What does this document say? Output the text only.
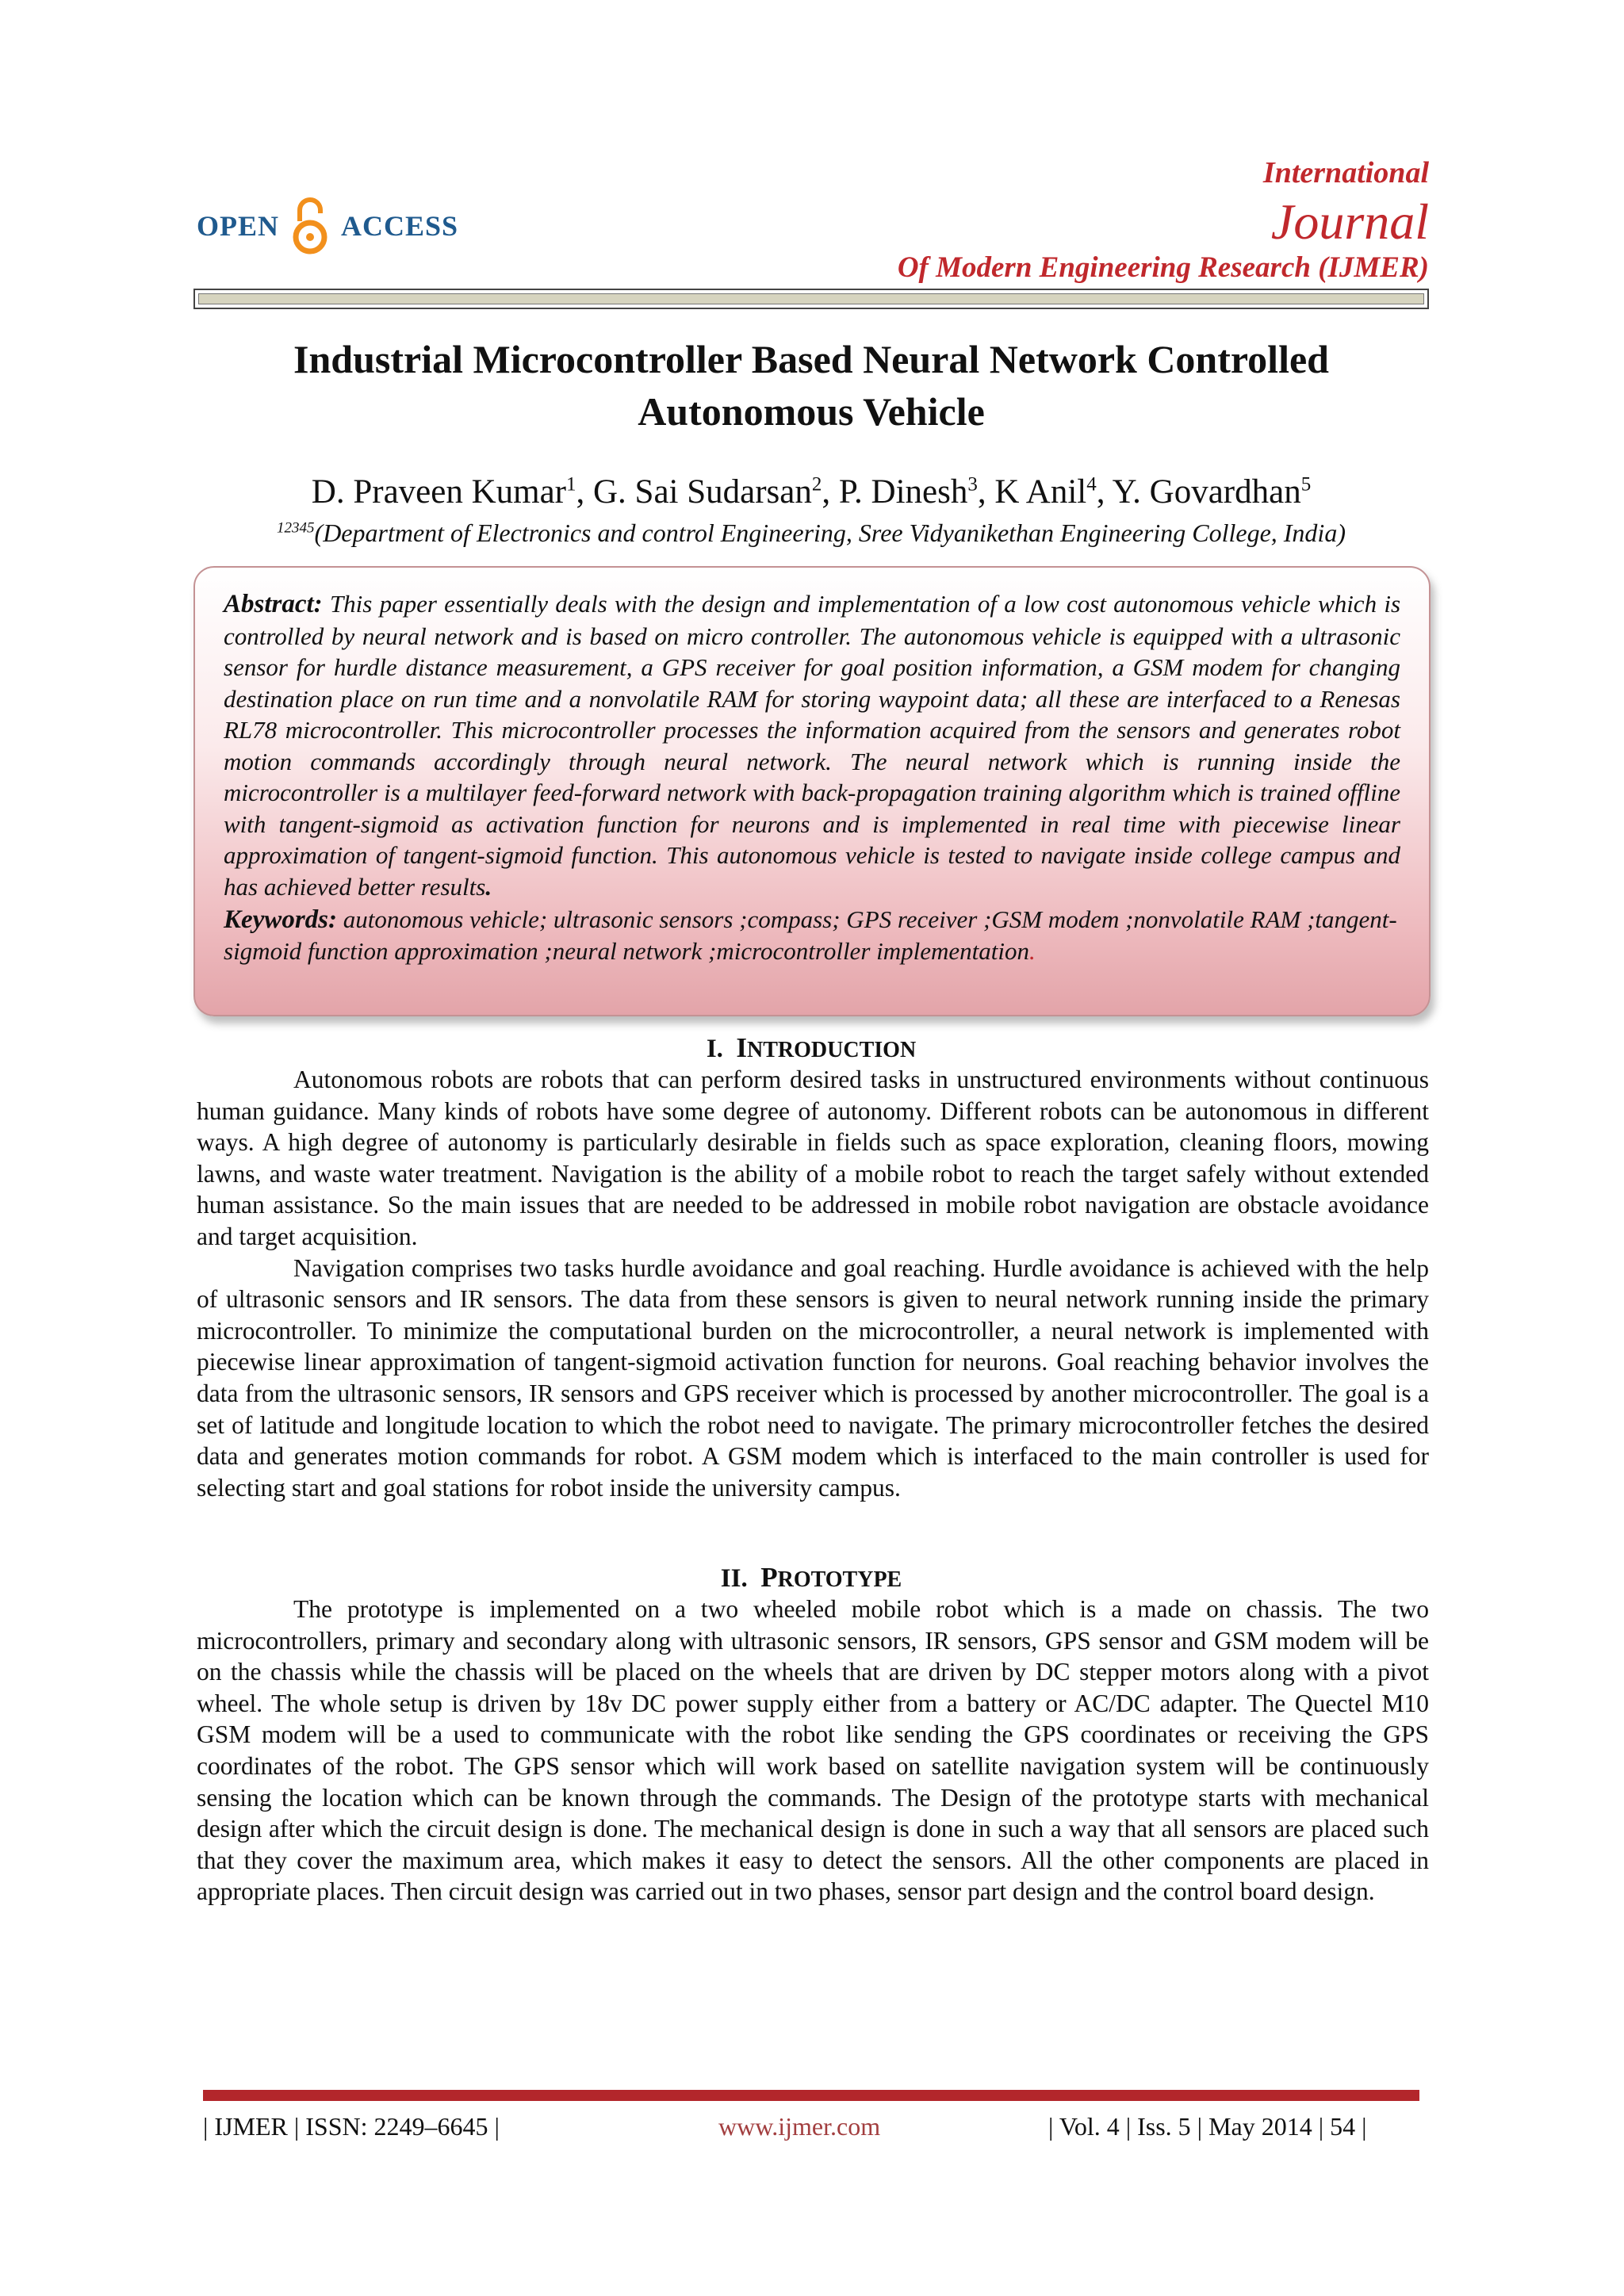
OPEN ACCESS
International
Journal
Of Modern Engineering Research (IJMER)
Industrial Microcontroller Based Neural Network Controlled
Autonomous Vehicle
D. Praveen Kumar$^1$, G. Sai Sudarsan$^2$, P. Dinesh$^3$, K Anil$^4$, Y. Govardhan$^5$
$^{12345}$(Department of Electronics and control Engineering, Sree Vidyanikethan Engineering College, India)
Abstract: This paper essentially deals with the design and implementation of a low cost autonomous vehicle which is controlled by neural network and is based on micro controller. The autonomous vehicle is equipped with a ultrasonic sensor for hurdle distance measurement, a GPS receiver for goal position information, a GSM modem for changing destination place on run time and a nonvolatile RAM for storing waypoint data; all these are interfaced to a Renesas RL78 microcontroller. This microcontroller processes the information acquired from the sensors and generates robot motion commands accordingly through neural network. The neural network which is running inside the microcontroller is a multilayer feed-forward network with back-propagation training algorithm which is trained offline with tangent-sigmoid as activation function for neurons and is implemented in real time with piecewise linear approximation of tangent-sigmoid function. This autonomous vehicle is tested to navigate inside college campus and has achieved better results.
Keywords: autonomous vehicle; ultrasonic sensors ;compass; GPS receiver ;GSM modem ;nonvolatile RAM ;tangent-sigmoid function approximation ;neural network ;microcontroller implementation.
I. INTRODUCTION

Autonomous robots are robots that can perform desired tasks in unstructured environments without continuous human guidance. Many kinds of robots have some degree of autonomy. Different robots can be autonomous in different ways. A high degree of autonomy is particularly desirable in fields such as space exploration, cleaning floors, mowing lawns, and waste water treatment. Navigation is the ability of a mobile robot to reach the target safely without extended human assistance. So the main issues that are needed to be addressed in mobile robot navigation are obstacle avoidance and target acquisition.

Navigation comprises two tasks hurdle avoidance and goal reaching. Hurdle avoidance is achieved with the help of ultrasonic sensors and IR sensors. The data from these sensors is given to neural network running inside the primary microcontroller. To minimize the computational burden on the microcontroller, a neural network is implemented with piecewise linear approximation of tangent-sigmoid activation function for neurons. Goal reaching behavior involves the data from the ultrasonic sensors, IR sensors and GPS receiver which is processed by another microcontroller. The goal is a set of latitude and longitude location to which the robot need to navigate. The primary microcontroller fetches the desired data and generates motion commands for robot. A GSM modem which is interfaced to the main controller is used for selecting start and goal stations for robot inside the university campus.

II. PROTOTYPE

The prototype is implemented on a two wheeled mobile robot which is a made on chassis. The two microcontrollers, primary and secondary along with ultrasonic sensors, IR sensors, GPS sensor and GSM modem will be on the chassis while the chassis will be placed on the wheels that are driven by DC stepper motors along with a pivot wheel. The whole setup is driven by 18v DC power supply either from a battery or AC/DC adapter. The Quectel M10 GSM modem will be a used to communicate with the robot like sending the GPS coordinates or receiving the GPS coordinates of the robot. The GPS sensor which will work based on satellite navigation system will be continuously sensing the location which can be known through the commands. The Design of the prototype starts with mechanical design after which the circuit design is done. The mechanical design is done in such a way that all sensors are placed such that they cover the maximum area, which makes it easy to detect the sensors. All the other components are placed in appropriate places. Then circuit design was carried out in two phases, sensor part design and the control board design.

| IJMER | ISSN: 2249–6645 |	www.ijmer.com	| Vol. 4 | Iss. 5 | May 2014 | 54 |
